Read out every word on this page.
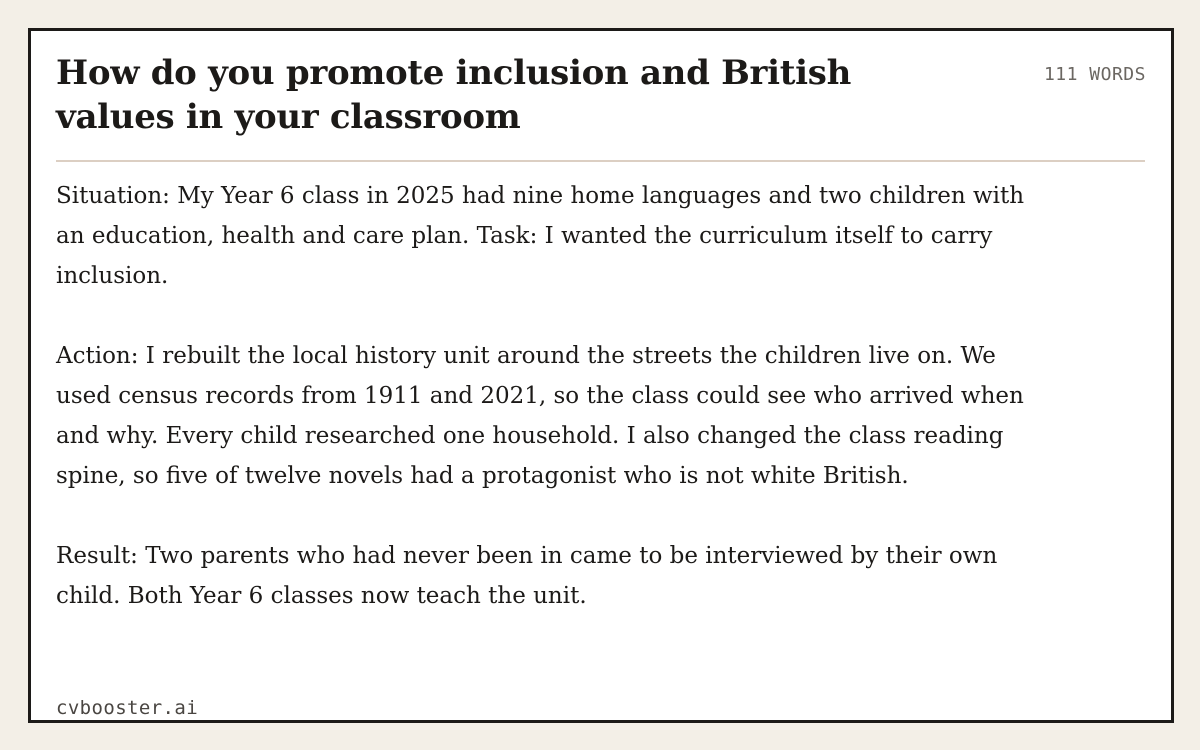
How do you promote inclusion and British values in your classroom
111 WORDS

Situation: My Year 6 class in 2025 had nine home languages and two children with an education, health and care plan. Task: I wanted the curriculum itself to carry inclusion.

Action: I rebuilt the local history unit around the streets the children live on. We used census records from 1911 and 2021, so the class could see who arrived when and why. Every child researched one household. I also changed the class reading spine, so five of twelve novels had a protagonist who is not white British.

Result: Two parents who had never been in came to be interviewed by their own child. Both Year 6 classes now teach the unit.

cvbooster.ai
